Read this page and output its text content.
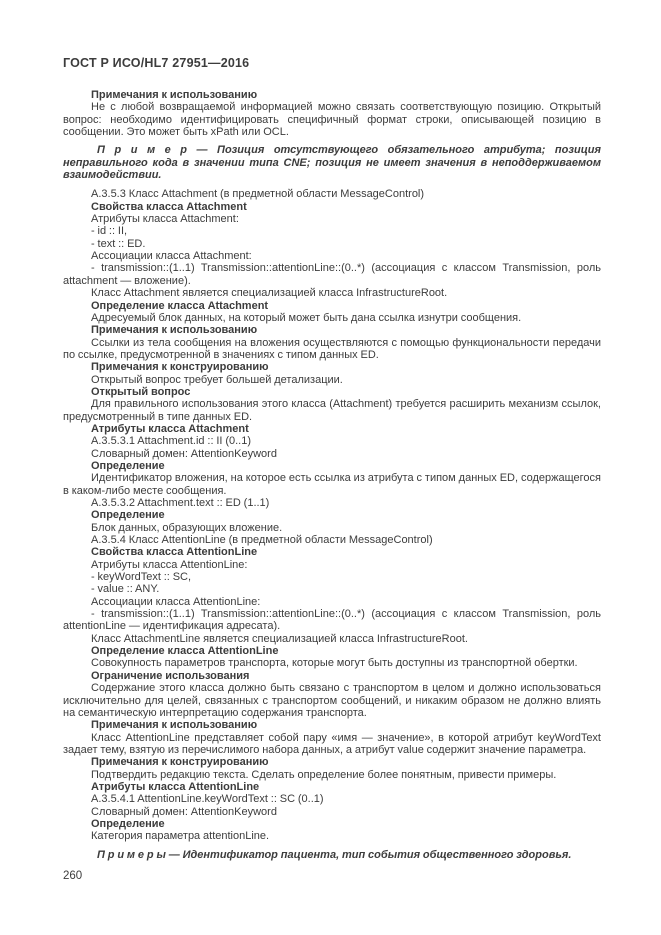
ГОСТ Р ИСО/HL7 27951—2016

Примечания к использованию

Не с любой возвращаемой информацией можно связать соответствующую позицию. Открытый вопрос: необходимо идентифицировать специфичный формат строки, описывающей позицию в сообщении. Это может быть xPath или OCL.

П р и м е р — Позиция отсутствующего обязательного атрибута; позиция неправильного кода в значении типа CNE; позиция не имеет значения в неподдерживаемом взаимодействии.

A.3.5.3 Класс Attachment (в предметной области MessageControl)

Свойства класса Attachment

Атрибуты класса Attachment:

- id :: II,

- text :: ED.

Ассоциации класса Attachment:

- transmission::(1..1) Transmission::attentionLine::(0..*) (ассоциация с классом Transmission, роль attachment — вложение).

Класс Attachment является специализацией класса InfrastructureRoot.

Определение класса Attachment

Адресуемый блок данных, на который может быть дана ссылка изнутри сообщения.

Примечания к использованию

Ссылки из тела сообщения на вложения осуществляются с помощью функциональности передачи по ссылке, предусмотренной в значениях с типом данных ED.

Примечания к конструированию

Открытый вопрос требует большей детализации.

Открытый вопрос

Для правильного использования этого класса (Attachment) требуется расширить механизм ссылок, предусмотренный в типе данных ED.

Атрибуты класса Attachment

A.3.5.3.1 Attachment.id :: II (0..1)

Словарный домен: AttentionKeyword

Определение

Идентификатор вложения, на которое есть ссылка из атрибута с типом данных ED, содержащегося в каком-либо месте сообщения.

A.3.5.3.2 Attachment.text :: ED (1..1)

Определение

Блок данных, образующих вложение.

A.3.5.4 Класс AttentionLine (в предметной области MessageControl)

Свойства класса AttentionLine

Атрибуты класса AttentionLine:

- keyWordText :: SC,

- value :: ANY.

Ассоциации класса AttentionLine:

- transmission::(1..1) Transmission::attentionLine::(0..*) (ассоциация с классом Transmission, роль attentionLine — идентификация адресата).

Класс AttachmentLine является специализацией класса InfrastructureRoot.

Определение класса AttentionLine

Совокупность параметров транспорта, которые могут быть доступны из транспортной обертки.

Ограничение использования

Содержание этого класса должно быть связано с транспортом в целом и должно использоваться исключительно для целей, связанных с транспортом сообщений, и никаким образом не должно влиять на семантическую интерпретацию содержания транспорта.

Примечания к использованию

Класс AttentionLine представляет собой пару «имя — значение», в которой атрибут keyWordText задает тему, взятую из перечислимого набора данных, а атрибут value содержит значение параметра.

Примечания к конструированию

Подтвердить редакцию текста. Сделать определение более понятным, привести примеры.

Атрибуты класса AttentionLine

A.3.5.4.1 AttentionLine.keyWordText :: SC (0..1)

Словарный домен: AttentionKeyword

Определение

Категория параметра attentionLine.

П р и м е р ы — Идентификатор пациента, тип события общественного здоровья.

260
